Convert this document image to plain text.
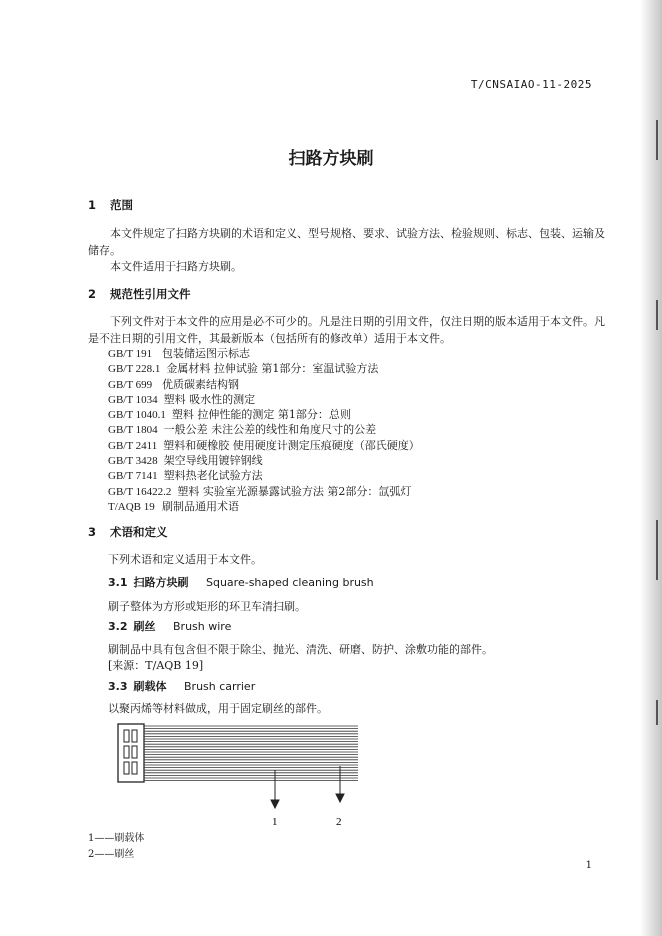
T/CNSAIAO-11-2025
扫路方块刷
1 范围

本文件规定了扫路方块刷的术语和定义、型号规格、要求、试验方法、检验规则、标志、包装、运输及储存。

本文件适用于扫路方块刷。

2 规范性引用文件

下列文件对于本文件的应用是必不可少的。凡是注日期的引用文件，仅注日期的版本适用于本文件。凡是不注日期的引用文件，其最新版本（包括所有的修改单）适用于本文件。

GB/T 191 包装储运图示标志
GB/T 228.1 金属材料 拉伸试验 第1部分：室温试验方法
GB/T 699 优质碳素结构钢
GB/T 1034 塑料 吸水性的测定
GB/T 1040.1 塑料 拉伸性能的测定 第1部分：总则
GB/T 1804 一般公差 未注公差的线性和角度尺寸的公差
GB/T 2411 塑料和硬橡胶 使用硬度计测定压痕硬度（邵氏硬度）
GB/T 3428 架空导线用镀锌钢线
GB/T 7141 塑料热老化试验方法
GB/T 16422.2 塑料 实验室光源暴露试验方法 第2部分：氙弧灯
T/AQB 19 刷制品通用术语
3 术语和定义
下列术语和定义适用于本文件。
3.1 扫路方块刷 Square-shaped cleaning brush
刷子整体为方形或矩形的环卫车清扫刷。
3.2 刷丝 Brush wire
刷制品中具有包含但不限于除尘、抛光、清洗、研磨、防护、涂敷功能的部件。
[来源：T/AQB 19]
3.3 刷载体 Brush carrier
以聚丙烯等材料做成，用于固定刷丝的部件。
1	2
1——刷载体
2——刷丝
1
